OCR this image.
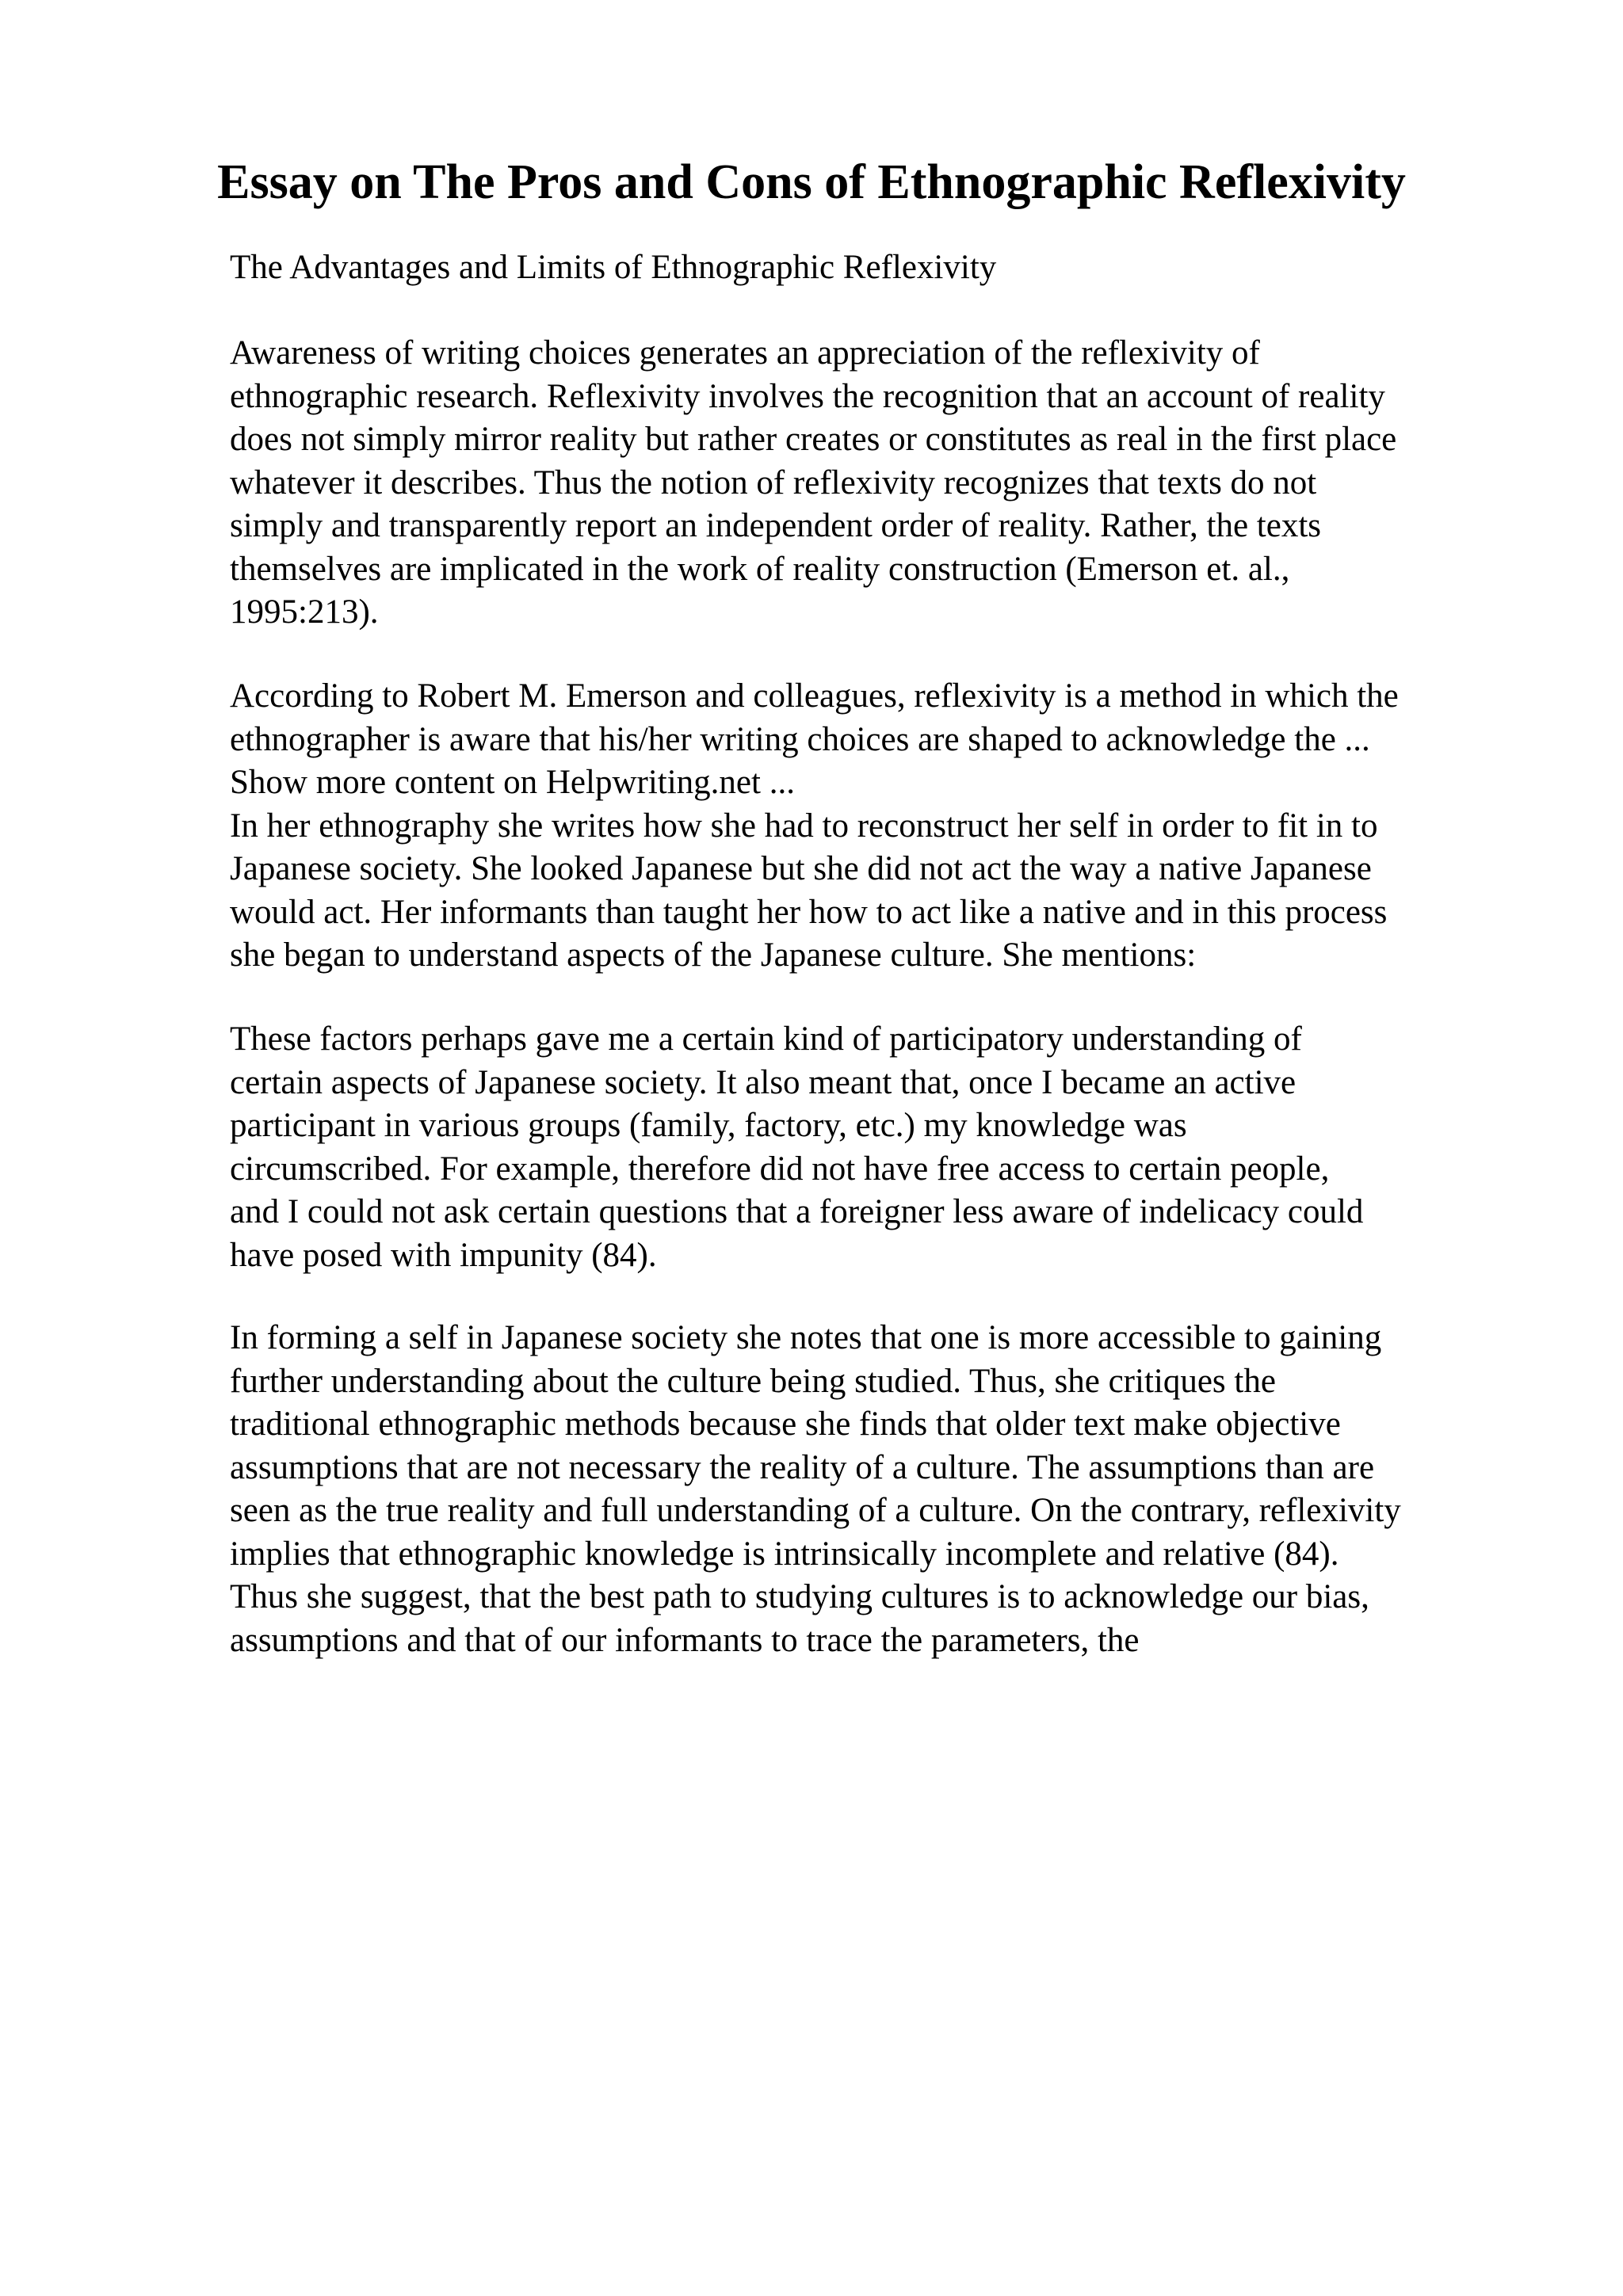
Essay on The Pros and Cons of Ethnographic Reflexivity

The Advantages and Limits of Ethnographic Reflexivity

Awareness of writing choices generates an appreciation of the reflexivity of
ethnographic research. Reflexivity involves the recognition that an account of reality
does not simply mirror reality but rather creates or constitutes as real in the first place
whatever it describes. Thus the notion of reflexivity recognizes that texts do not
simply and transparently report an independent order of reality. Rather, the texts
themselves are implicated in the work of reality construction (Emerson et. al.,
1995:213).

According to Robert M. Emerson and colleagues, reflexivity is a method in which the
ethnographer is aware that his/her writing choices are shaped to acknowledge the ...
Show more content on Helpwriting.net ...
In her ethnography she writes how she had to reconstruct her self in order to fit in to
Japanese society. She looked Japanese but she did not act the way a native Japanese
would act. Her informants than taught her how to act like a native and in this process
she began to understand aspects of the Japanese culture. She mentions:

These factors perhaps gave me a certain kind of participatory understanding of
certain aspects of Japanese society. It also meant that, once I became an active
participant in various groups (family, factory, etc.) my knowledge was
circumscribed. For example, therefore did not have free access to certain people,
and I could not ask certain questions that a foreigner less aware of indelicacy could
have posed with impunity (84).

In forming a self in Japanese society she notes that one is more accessible to gaining
further understanding about the culture being studied. Thus, she critiques the
traditional ethnographic methods because she finds that older text make objective
assumptions that are not necessary the reality of a culture. The assumptions than are
seen as the true reality and full understanding of a culture. On the contrary, reflexivity
implies that ethnographic knowledge is intrinsically incomplete and relative (84).
Thus she suggest, that the best path to studying cultures is to acknowledge our bias,
assumptions and that of our informants to trace the parameters, the
